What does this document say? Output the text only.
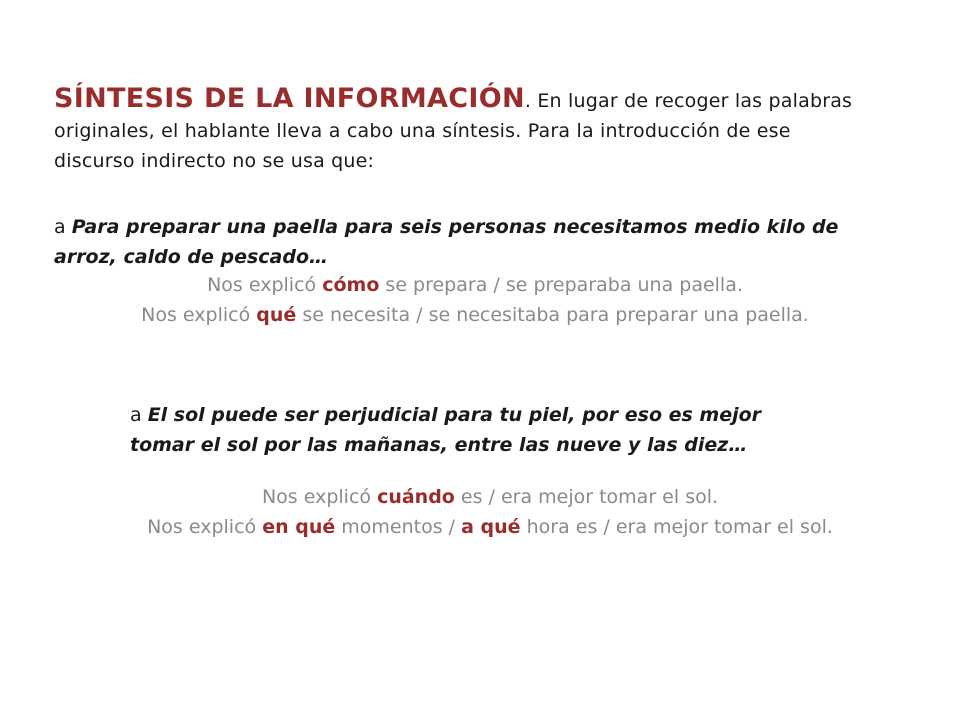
SÍNTESIS DE LA INFORMACIÓN. En lugar de recoger las palabras originales, el hablante lleva a cabo una síntesis. Para la introducción de ese discurso indirecto no se usa que:
a Para preparar una paella para seis personas necesitamos medio kilo de arroz, caldo de pescado…
Nos explicó cómo se prepara / se preparaba una paella.
Nos explicó qué se necesita / se necesitaba para preparar una paella.
a El sol puede ser perjudicial para tu piel, por eso es mejor tomar el sol por las mañanas, entre las nueve y las diez…
Nos explicó cuándo es / era mejor tomar el sol.
Nos explicó en qué momentos / a qué hora es / era mejor tomar el sol.
